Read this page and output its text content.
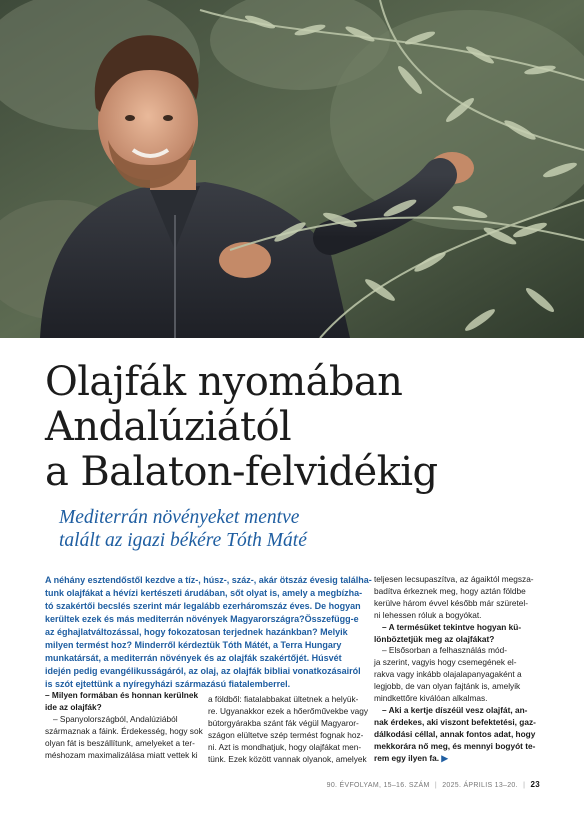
Olajfák nyomában
Andalúziától
a Balaton-felvidékig
Mediterrán növényeket mentve
talált az igazi békére Tóth Máté
A néhány esztendőstől kezdve a tíz-, húsz-, száz-, akár ötszáz évesig találha-
tunk olajfákat a hévízi kertészeti árudában, sőt olyat is, amely a megbízha-
tó szakértői becslés szerint már legalább ezerháromszáz éves. De hogyan
kerültek ezek és más mediterrán növények Magyarországra?Összefügg-e
az éghajlatváltozással, hogy fokozatosan terjednek hazánkban? Melyik
milyen termést hoz? Minderről kérdeztük Tóth Mátét, a Terra Hungary
munkatársát, a mediterrán növények és az olajfák szakértőjét. Húsvét
idején pedig evangélikusságáról, az olaj, az olajfák bibliai vonatkozásairól
is szót ejtettünk a nyíregyházi származású fiatalemberrel.
– Milyen formában és honnan kerülnek
ide az olajfák?
– Spanyolországból, Andalúziából
származnak a fáink. Érdekesség, hogy sok
olyan fát is beszállítunk, amelyeket a ter-
méshozam maximalizálása miatt vettek ki
a földből: fiatalabbakat ültetnek a helyük-
re. Ugyanakkor ezek a hőerőművekbe vagy
bútorgyárakba szánt fák végül Magyaror-
szágon elültetve szép termést fognak hoz-
ni. Azt is mondhatjuk, hogy olajfákat men-
tünk. Ezek között vannak olyanok, amelyek
teljesen lecsupaszítva, az ágaiktól megsza-
badítva érkeznek meg, hogy aztán földbe
kerülve három évvel később már szüretel-
ni lehessen róluk a bogyókat.
– A termésüket tekintve hogyan kü-
lönböztetjük meg az olajfákat?
– Elsősorban a felhasználás mód-
ja szerint, vagyis hogy csemegének el-
rakva vagy inkább olajalapanyagaként a
legjobb, de van olyan fajtánk is, amelyik
mindkettőre kiválóan alkalmas.
– Aki a kertje díszéül vesz olajfát, an-
nak érdekes, aki viszont befektetési, gaz-
dálkodási céllal, annak fontos adat, hogy
mekkorára nő meg, és mennyi bogyót te-
rem egy ilyen fa. ▶
90. ÉVFOLYAM, 15–16. SZÁM | 2025. ÁPRILIS 13–20. | 23
